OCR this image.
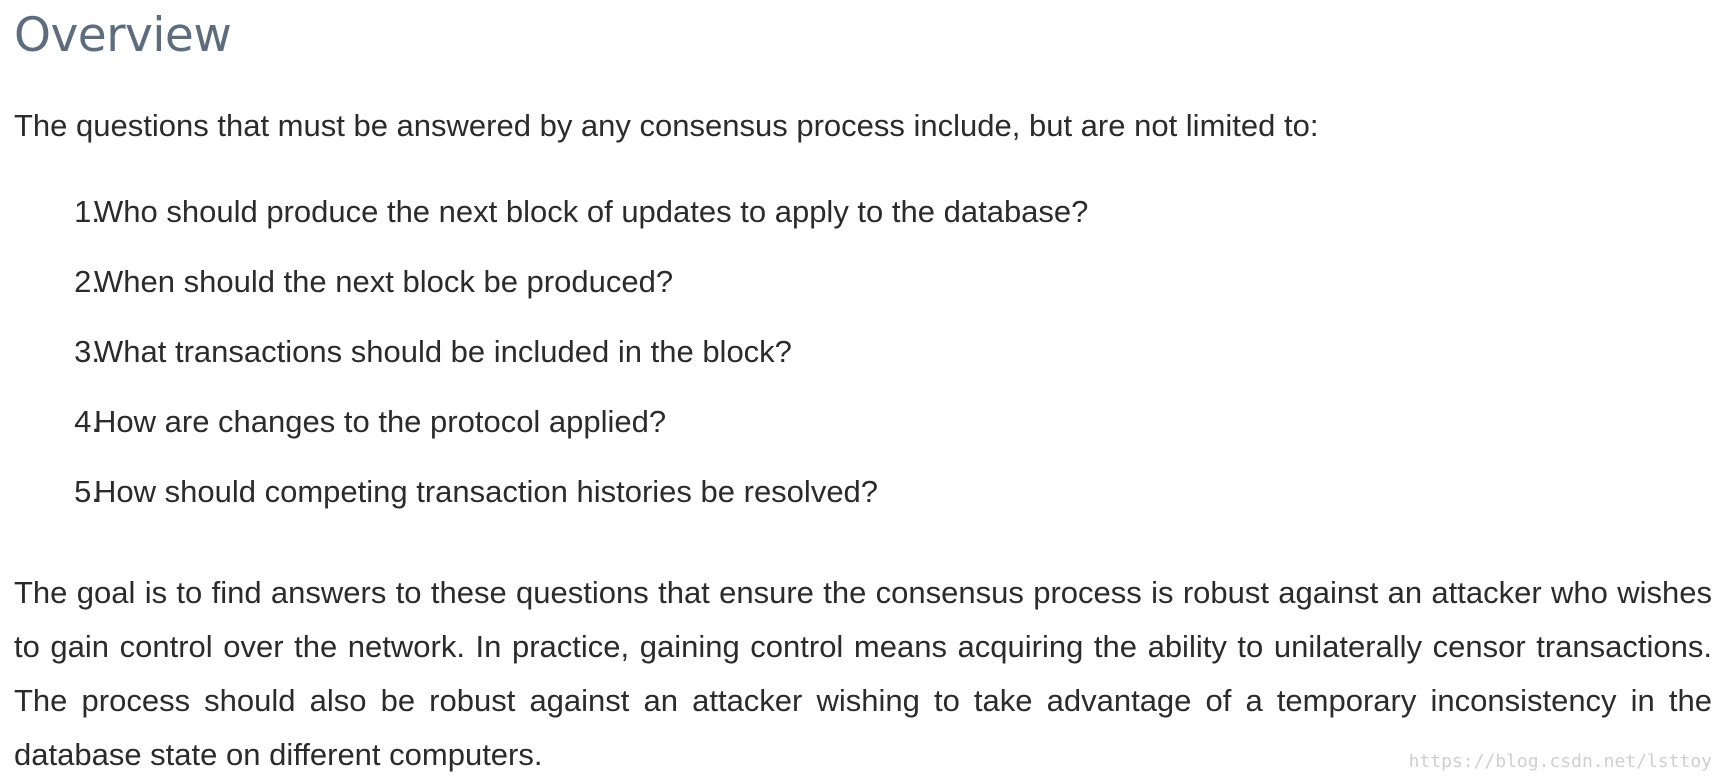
Overview

The questions that must be answered by any consensus process include, but are not limited to:

1.
Who should produce the next block of updates to apply to the database?
2.
When should the next block be produced?
3.
What transactions should be included in the block?
4.
How are changes to the protocol applied?
5.
How should competing transaction histories be resolved?

The goal is to find answers to these questions that ensure the consensus process is robust against an attacker who wishes to gain control over the network. In practice, gaining control means acquiring the ability to unilaterally censor transactions. The process should also be robust against an attacker wishing to take advantage of a temporary inconsistency in the database state on different computers.	https://blog.csdn.net/lsttoy
